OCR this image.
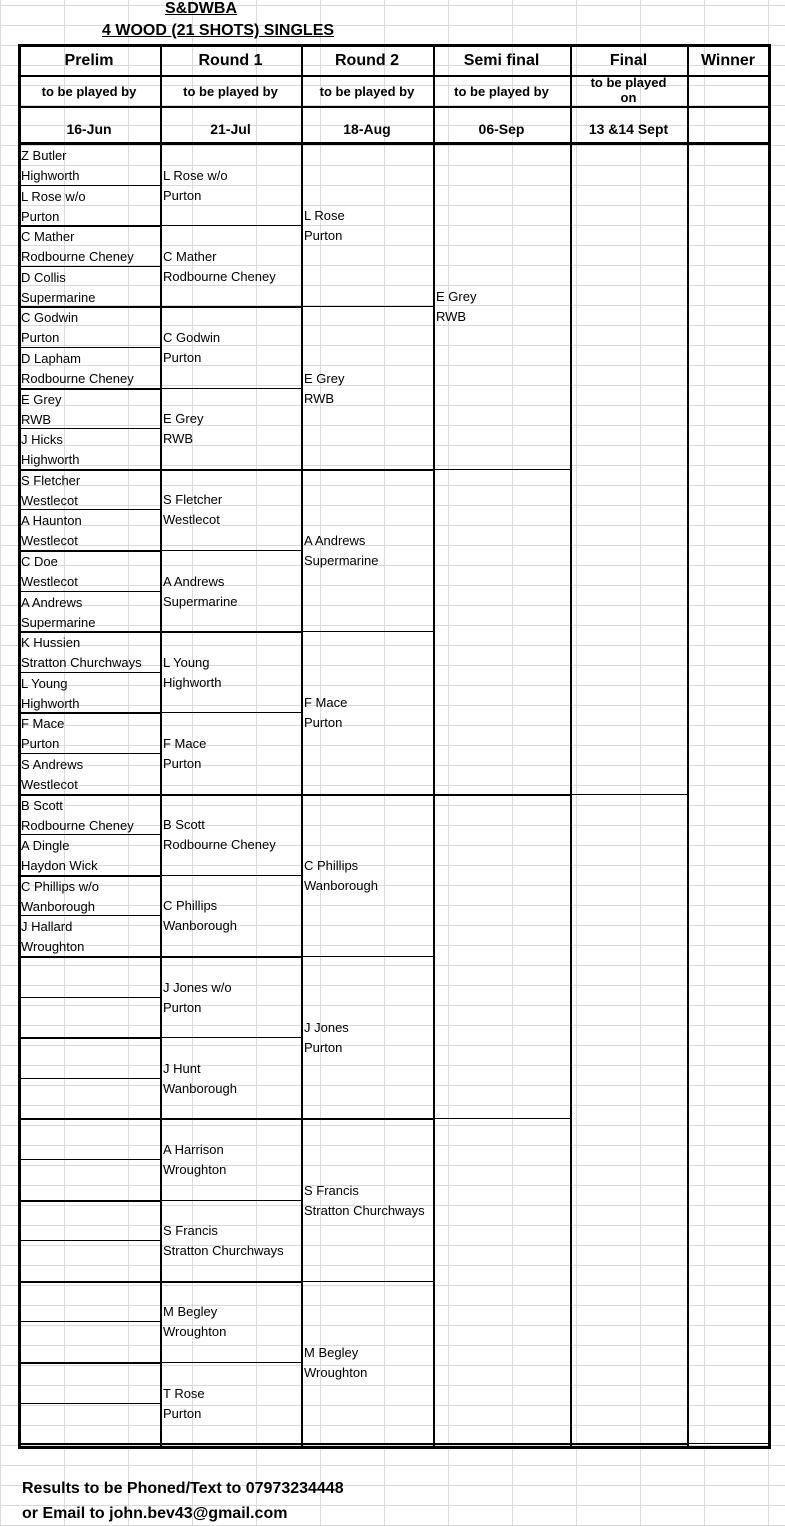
S&DWBA
4 WOOD (21 SHOTS) SINGLES
Prelim
to be played by
16-Jun
Round 1
to be played by
21-Jul
Round 2
to be played by
18-Aug
Semi final
to be played by
06-Sep
Final
to be played on
13 &14 Sept
Winner
Z Butler
Highworth
L Rose w/o
Purton
C Mather
Rodbourne Cheney
D Collis
Supermarine
C Godwin
Purton
D Lapham
Rodbourne Cheney
E Grey
RWB
J Hicks
Highworth
S Fletcher
Westlecot
A Haunton
Westlecot
C Doe
Westlecot
A Andrews
Supermarine
K Hussien
Stratton Churchways
L Young
Highworth
F Mace
Purton
S Andrews
Westlecot
B Scott
Rodbourne Cheney
A Dingle
Haydon Wick
C Phillips w/o
Wanborough
J Hallard
Wroughton
L Rose w/o
Purton
C Mather
Rodbourne Cheney
C Godwin
Purton
E Grey
RWB
S Fletcher
Westlecot
A Andrews
Supermarine
L Young
Highworth
F Mace
Purton
B Scott
Rodbourne Cheney
C Phillips
Wanborough
J Jones w/o
Purton
J Hunt
Wanborough
A Harrison
Wroughton
S Francis
Stratton Churchways
M Begley
Wroughton
T Rose
Purton
L Rose
Purton
E Grey
RWB
A Andrews
Supermarine
F Mace
Purton
C Phillips
Wanborough
J Jones
Purton
S Francis
Stratton Churchways
M Begley
Wroughton
E Grey
RWB
Results to be Phoned/Text to 07973234448
or Email to john.bev43@gmail.com
